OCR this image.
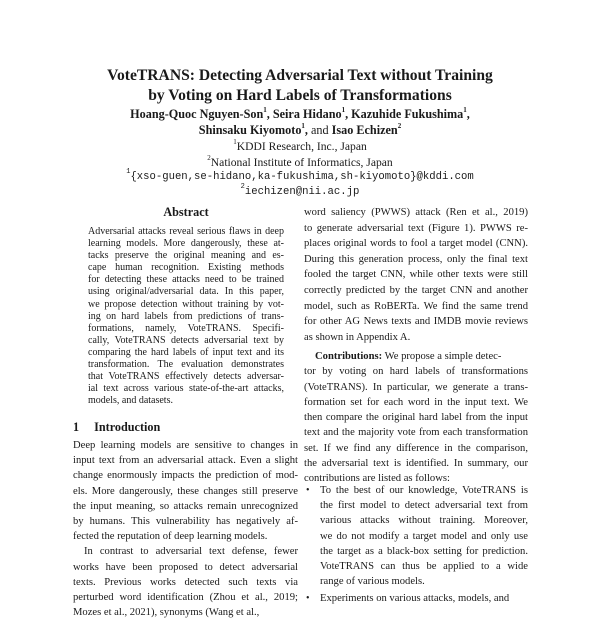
VoteTRANS: Detecting Adversarial Text without Training
by Voting on Hard Labels of Transformations
Hoang-Quoc Nguyen-Son$^1$, Seira Hidano$^1$, Kazuhide Fukushima$^1$,
Shinsaku Kiyomoto$^1$, and Isao Echizen$^2$
$^1$KDDI Research, Inc., Japan
$^2$National Institute of Informatics, Japan
$^1${xso-guen,se-hidano,ka-fukushima,sh-kiyomoto}@kddi.com
$^2$iechizen@nii.ac.jp
Abstract
Adversarial attacks reveal serious flaws in deep
learning models. More dangerously, these at-
tacks preserve the original meaning and es-
cape human recognition. Existing methods
for detecting these attacks need to be trained
using original/adversarial data. In this paper,
we propose detection without training by vot-
ing on hard labels from predictions of trans-
formations, namely, VoteTRANS. Specifi-
cally, VoteTRANS detects adversarial text by
comparing the hard labels of input text and its
transformation. The evaluation demonstrates
that VoteTRANS effectively detects adversar-
ial text across various state-of-the-art attacks,
models, and datasets.
1 Introduction
Deep learning models are sensitive to changes in
input text from an adversarial attack. Even a slight
change enormously impacts the prediction of mod-
els. More dangerously, these changes still preserve
the input meaning, so attacks remain unrecognized
by humans. This vulnerability has negatively af-
fected the reputation of deep learning models.
In contrast to adversarial text defense, fewer
works have been proposed to detect adversarial
texts. Previous works detected such texts via
perturbed word identification (Zhou et al., 2019;
Mozes et al., 2021), synonyms (Wang et al.,
word saliency (PWWS) attack (Ren et al., 2019)
to generate adversarial text (Figure 1). PWWS re-
places original words to fool a target model (CNN).
During this generation process, only the final text
fooled the target CNN, while other texts were still
correctly predicted by the target CNN and another
model, such as RoBERTa. We find the same trend
for other AG News texts and IMDB movie reviews
as shown in Appendix A.
Contributions: We propose a simple detec-
tor by voting on hard labels of transformations
(VoteTRANS). In particular, we generate a trans-
formation set for each word in the input text. We
then compare the original hard label from the input
text and the majority vote from each transformation
set. If we find any difference in the comparison,
the adversarial text is identified. In summary, our
contributions are listed as follows:
• To the best of our knowledge, VoteTRANS is
the first model to detect adversarial text from
various attacks without training. Moreover,
we do not modify a target model and only use
the target as a black-box setting for prediction.
VoteTRANS can thus be applied to a wide
range of various models.
• Experiments on various attacks, models, and
